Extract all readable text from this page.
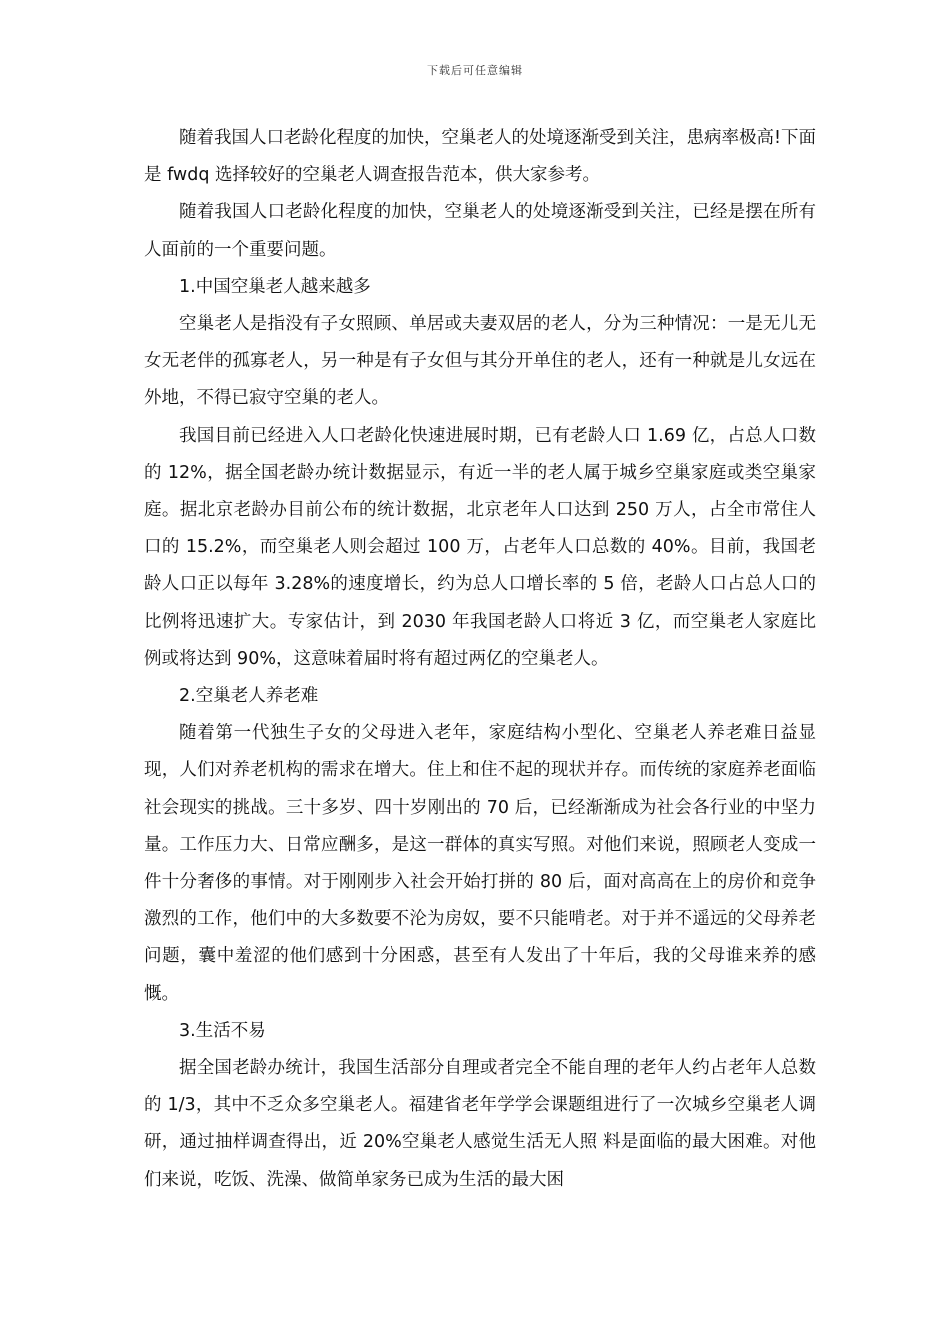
下载后可任意编辑

随着我国人口老龄化程度的加快，空巢老人的处境逐渐受到关注，患病率极高!下面是 fwdq 选择较好的空巢老人调查报告范本，供大家参考。

随着我国人口老龄化程度的加快，空巢老人的处境逐渐受到关注，已经是摆在所有人面前的一个重要问题。

1.中国空巢老人越来越多

空巢老人是指没有子女照顾、单居或夫妻双居的老人，分为三种情况：一是无儿无女无老伴的孤寡老人，另一种是有子女但与其分开单住的老人，还有一种就是儿女远在外地，不得已寂守空巢的老人。

我国目前已经进入人口老龄化快速进展时期，已有老龄人口 1.69 亿，占总人口数的 12%，据全国老龄办统计数据显示，有近一半的老人属于城乡空巢家庭或类空巢家庭。据北京老龄办目前公布的统计数据，北京老年人口达到 250 万人，占全市常住人口的 15.2%，而空巢老人则会超过 100 万，占老年人口总数的 40%。目前，我国老龄人口正以每年 3.28%的速度增长，约为总人口增长率的 5 倍，老龄人口占总人口的比例将迅速扩大。专家估计，到 2030 年我国老龄人口将近 3 亿，而空巢老人家庭比例或将达到 90%，这意味着届时将有超过两亿的空巢老人。

2.空巢老人养老难

随着第一代独生子女的父母进入老年，家庭结构小型化、空巢老人养老难日益显现，人们对养老机构的需求在增大。住上和住不起的现状并存。而传统的家庭养老面临社会现实的挑战。三十多岁、四十岁刚出的 70 后，已经渐渐成为社会各行业的中坚力量。工作压力大、日常应酬多，是这一群体的真实写照。对他们来说，照顾老人变成一件十分奢侈的事情。对于刚刚步入社会开始打拼的 80 后，面对高高在上的房价和竞争激烈的工作，他们中的大多数要不沦为房奴，要不只能啃老。对于并不遥远的父母养老问题，囊中羞涩的他们感到十分困惑，甚至有人发出了十年后，我的父母谁来养的感慨。

3.生活不易

据全国老龄办统计，我国生活部分自理或者完全不能自理的老年人约占老年人总数的 1/3，其中不乏众多空巢老人。福建省老年学学会课题组进行了一次城乡空巢老人调研，通过抽样调查得出，近 20%空巢老人感觉生活无人照 料是面临的最大困难。对他们来说，吃饭、洗澡、做简单家务已成为生活的最大困
